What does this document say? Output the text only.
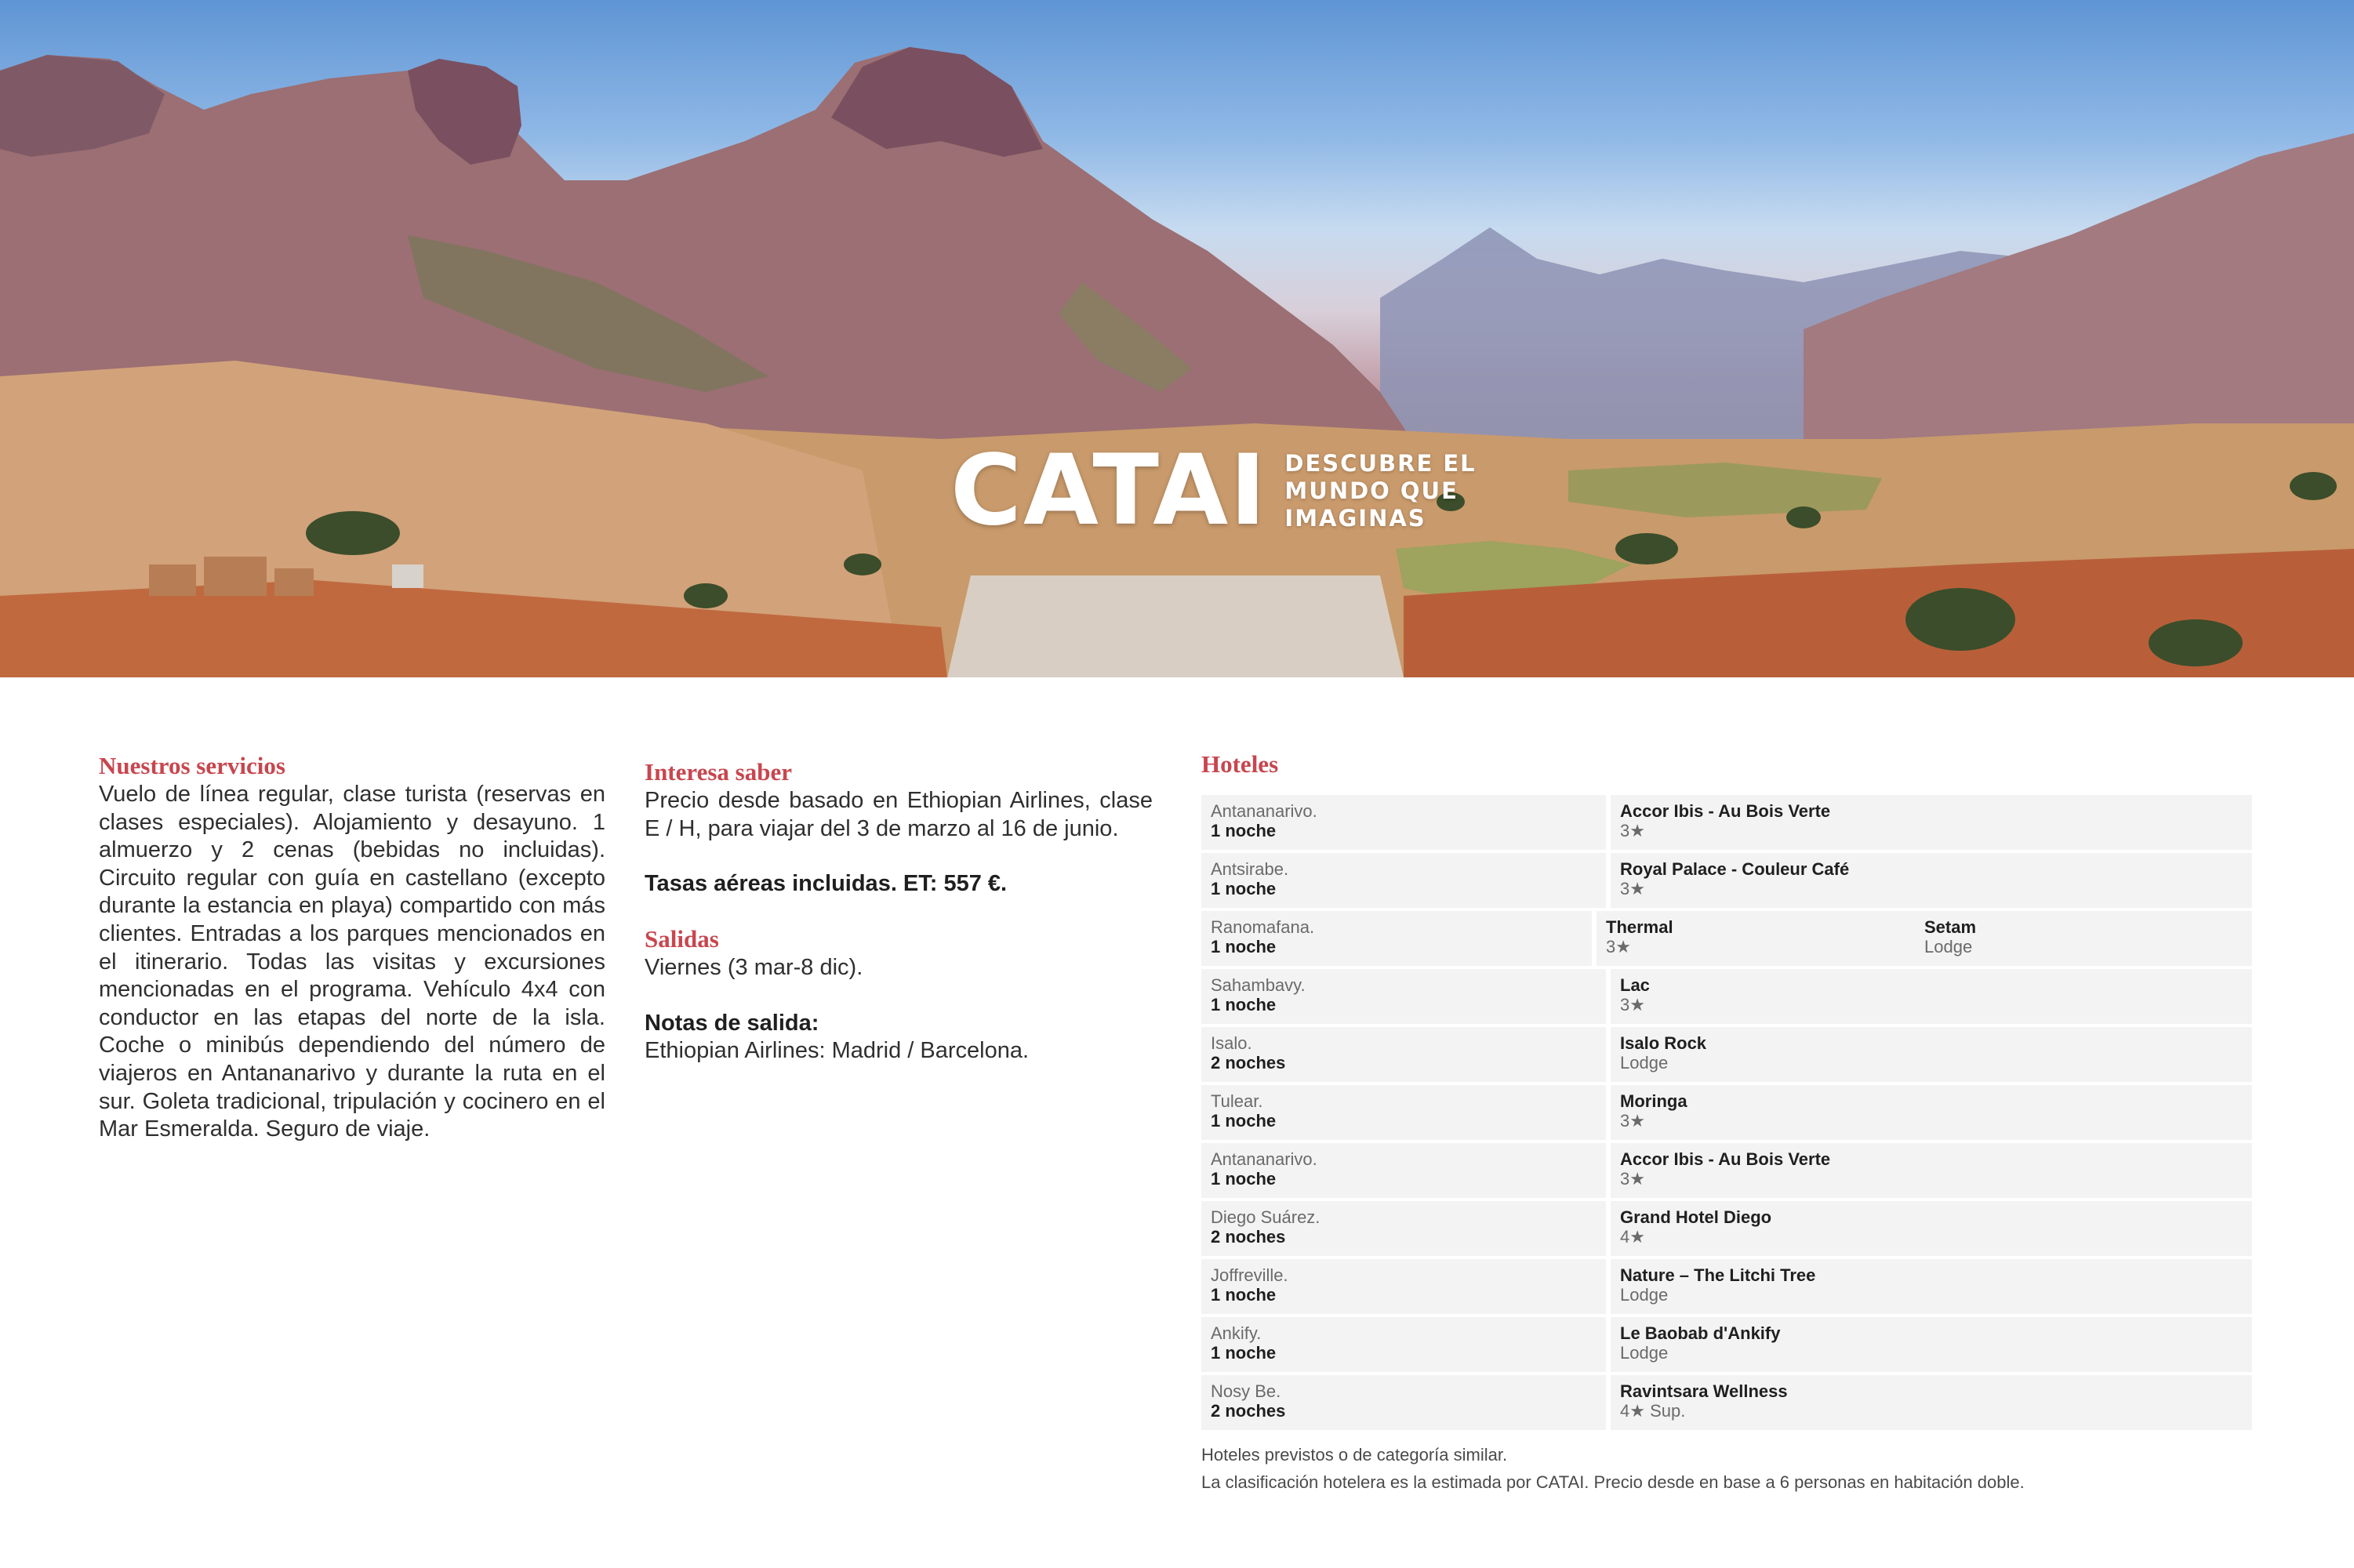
CATAI DESCUBRE EL
MUNDO QUE
IMAGINAS
Nuestros servicios

Vuelo de línea regular, clase turista (reservas en clases especiales). Alojamiento y desayuno. 1 almuerzo y 2 cenas (bebidas no incluidas). Circuito regular con guía en castellano (excepto durante la estancia en playa) compartido con más clientes. Entradas a los parques mencionados en el itinerario. Todas las visitas y excursiones mencionadas en el programa. Vehículo 4x4 con conductor en las etapas del norte de la isla. Coche o minibús dependiendo del número de viajeros en Antananarivo y durante la ruta en el sur. Goleta tradicional, tripulación y cocinero en el Mar Esmeralda. Seguro de viaje.

Interesa saber

Precio desde basado en Ethiopian Airlines, clase E / H, para viajar del 3 de marzo al 16 de junio.

Tasas aéreas incluidas. ET: 557 €.

Salidas

Viernes (3 mar-8 dic).

Notas de salida:

Ethiopian Airlines: Madrid / Barcelona.

Hoteles
Antananarivo.
1 noche
Accor Ibis - Au Bois Verte
3★
Antsirabe.
1 noche
Royal Palace - Couleur Café
3★
Ranomafana.
1 noche
Thermal
3★
Setam
Lodge
Sahambavy.
1 noche
Lac
3★
Isalo.
2 noches
Isalo Rock
Lodge
Tulear.
1 noche
Moringa
3★
Antananarivo.
1 noche
Accor Ibis - Au Bois Verte
3★
Diego Suárez.
2 noches
Grand Hotel Diego
4★
Joffreville.
1 noche
Nature – The Litchi Tree
Lodge
Ankify.
1 noche
Le Baobab d'Ankify
Lodge
Nosy Be.
2 noches
Ravintsara Wellness
4★ Sup.

Hoteles previstos o de categoría similar.

La clasificación hotelera es la estimada por CATAI. Precio desde en base a 6 personas en habitación doble.
